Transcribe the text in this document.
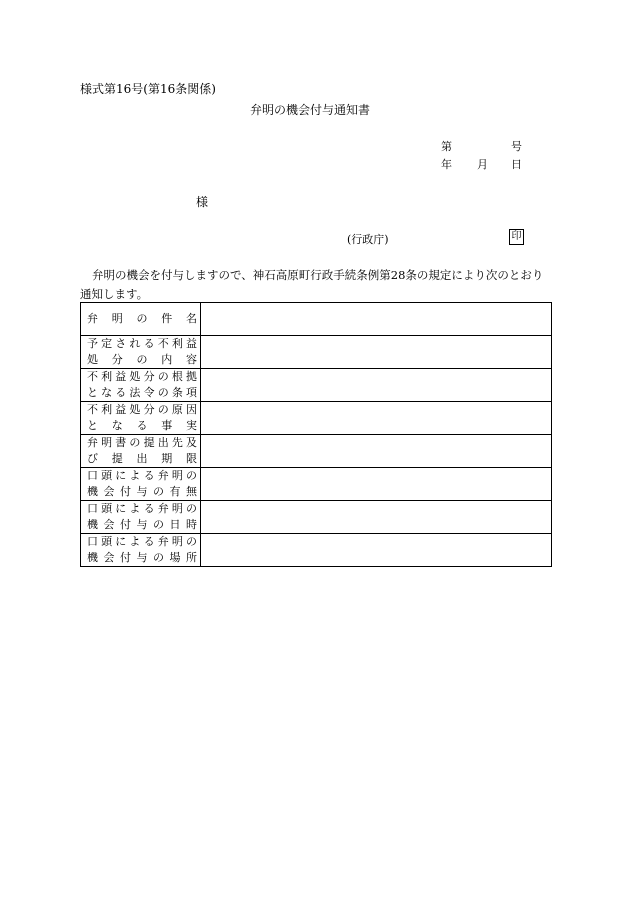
様式第16号(第16条関係)
弁明の機会付与通知書
第	号
年 月 日
様
(行政庁)	印
弁明の機会を付与しますので、神石高原町行政手続条例第28条の規定により次のとおり
通知します。
弁明の件名	

予定される不利益
処分の内容	

不利益処分の根拠
となる法令の条項	

不利益処分の原因
となる事実	

弁明書の提出先及
び提出期限	

口頭による弁明の
機会付与の有無	

口頭による弁明の
機会付与の日時	

口頭による弁明の
機会付与の場所	
